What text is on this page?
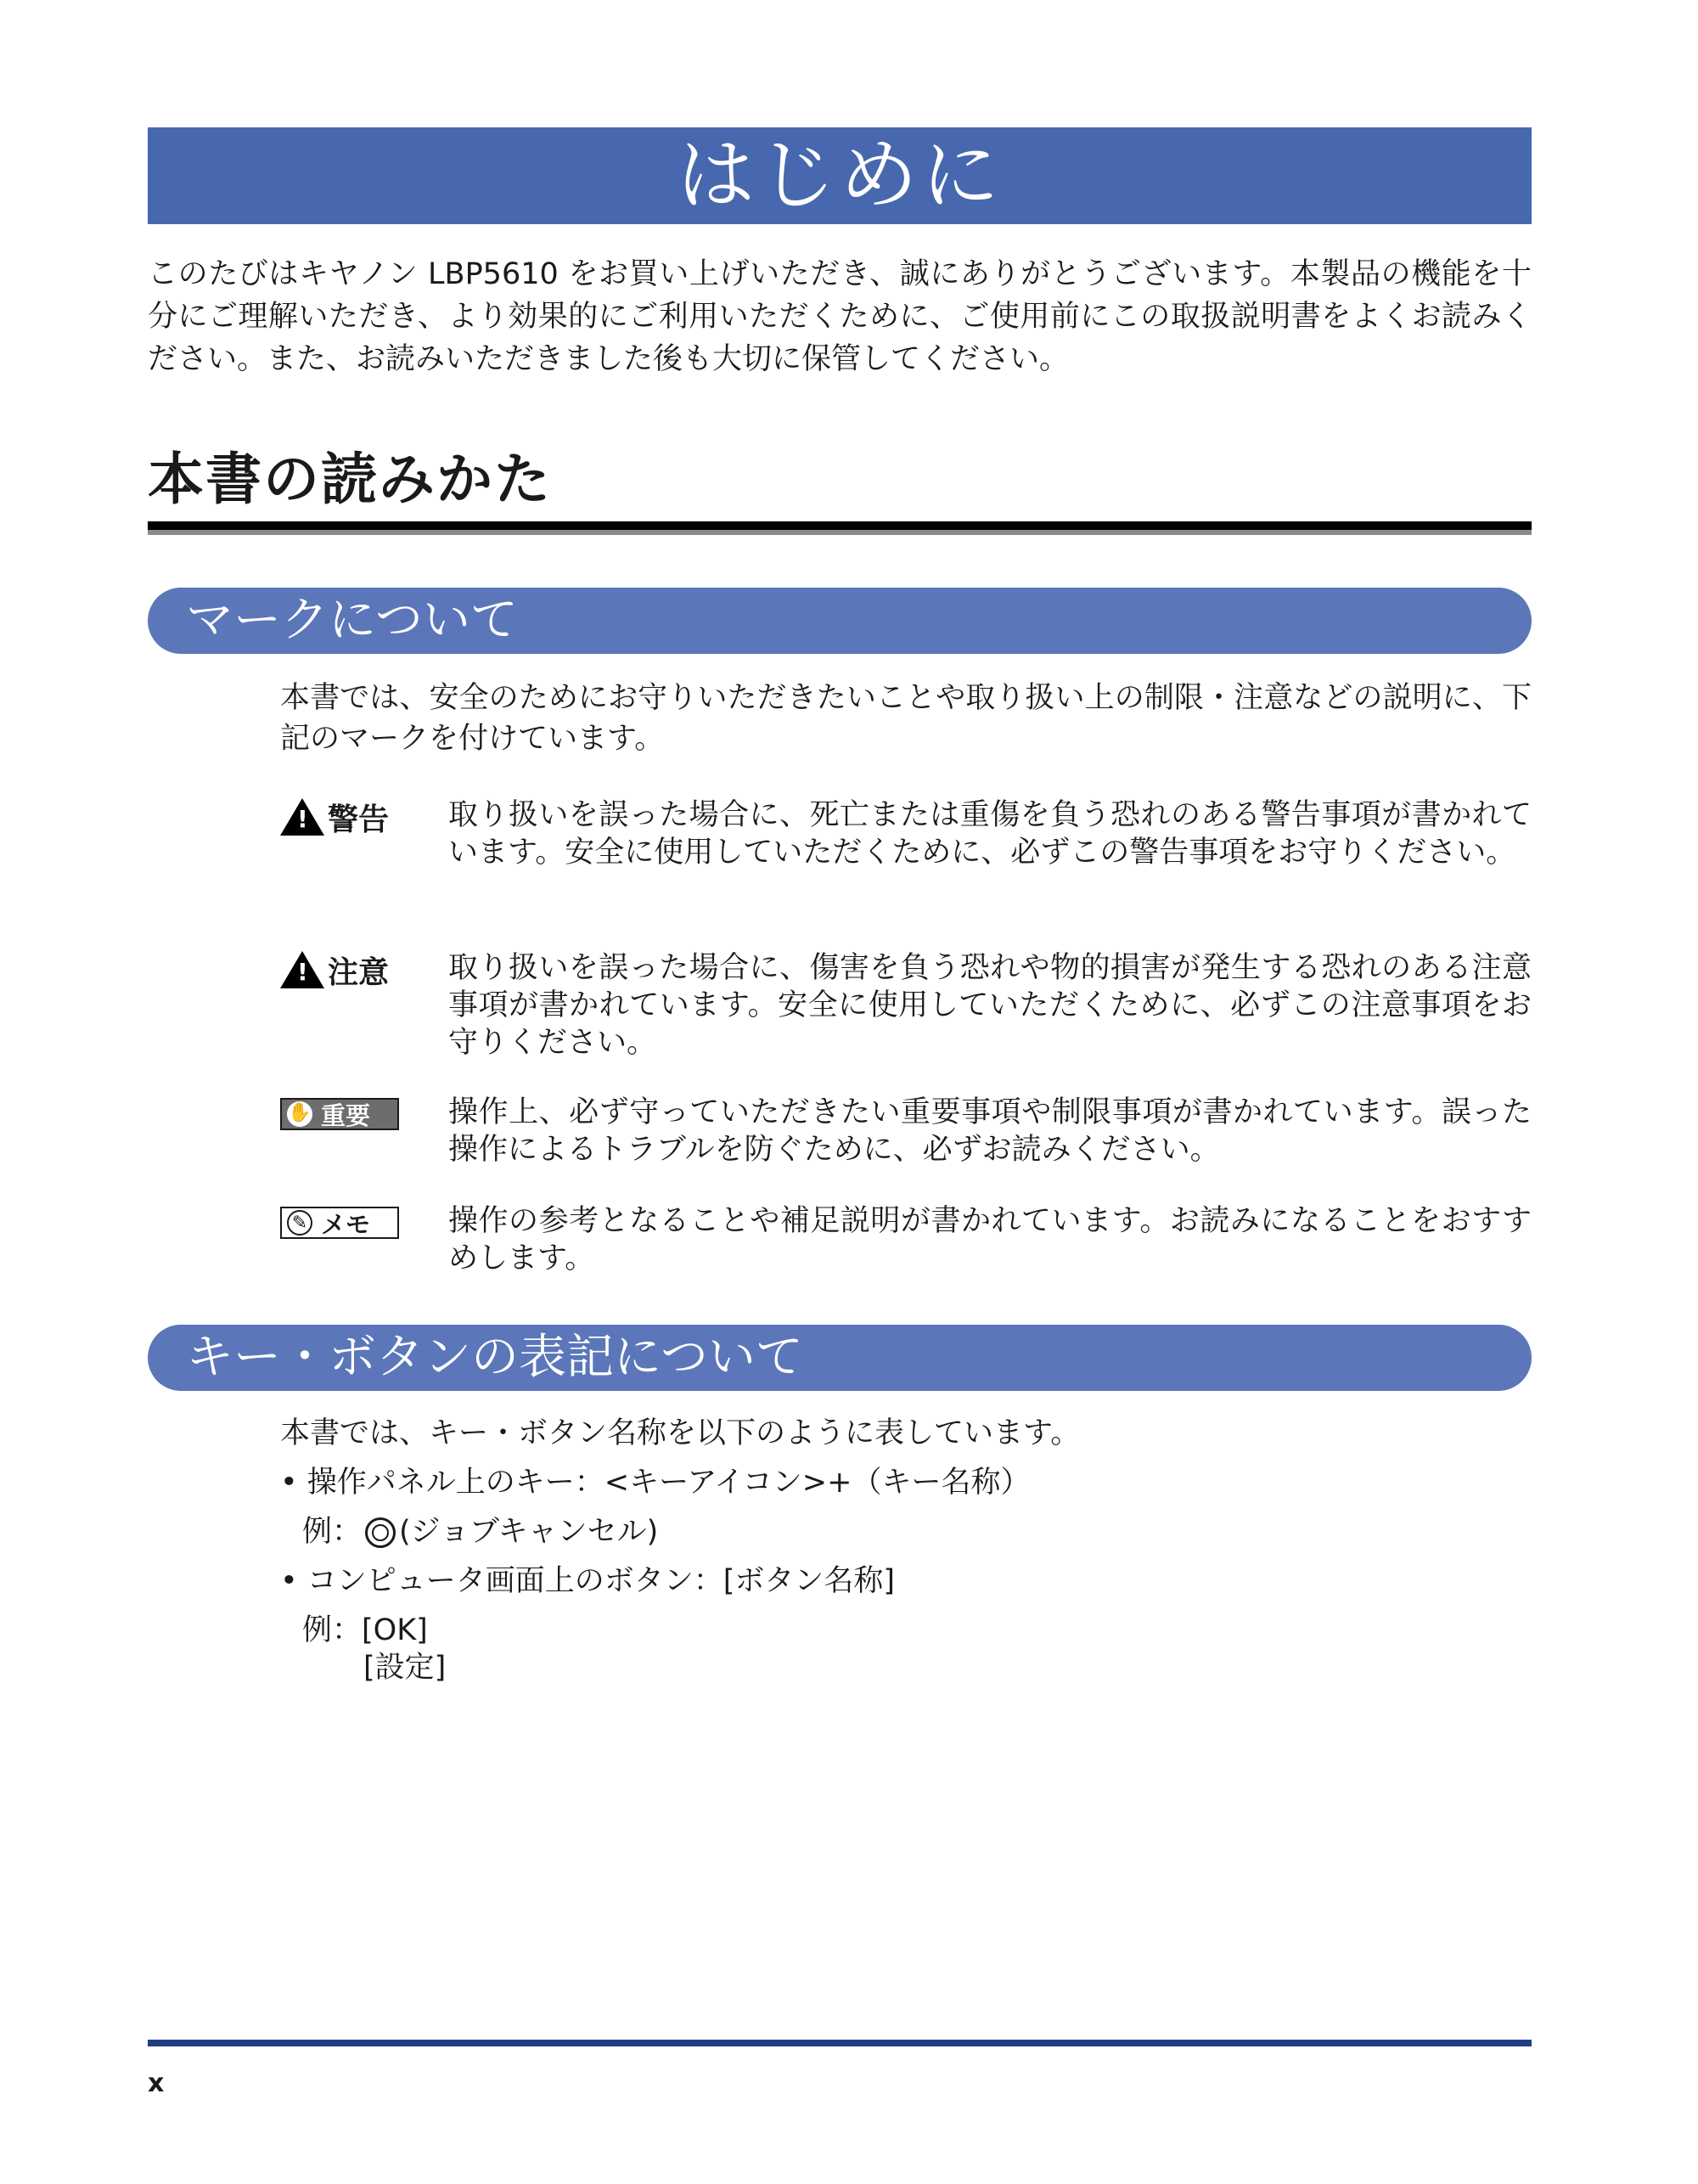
はじめに
このたびはキヤノン LBP5610 をお買い上げいただき、誠にありがとうございます。本製品の機能を十分にご理解いただき、より効果的にご利用いただくために、ご使用前にこの取扱説明書をよくお読みください。また、お読みいただきました後も大切に保管してください。
本書の読みかた
マークについて
本書では、安全のためにお守りいただきたいことや取り扱い上の制限・注意などの説明に、下記のマークを付けています。
! 警告 取り扱いを誤った場合に、死亡または重傷を負う恐れのある警告事項が書かれています。安全に使用していただくために、必ずこの警告事項をお守りください。
! 注意 取り扱いを誤った場合に、傷害を負う恐れや物的損害が発生する恐れのある注意事項が書かれています。安全に使用していただくために、必ずこの注意事項をお守りください。
✋ 重要	操作上、必ず守っていただきたい重要事項や制限事項が書かれています。誤った操作によるトラブルを防ぐために、必ずお読みください。
✎ メモ	操作の参考となることや補足説明が書かれています。お読みになることをおすすめします。
キー・ボタンの表記について
本書では、キー・ボタン名称を以下のように表しています。
• 操作パネル上のキー：<キーアイコン>+（キー名称）
例： (ジョブキャンセル)
• コンピュータ画面上のボタン：[ボタン名称]
例：[OK]
[設定]
x
